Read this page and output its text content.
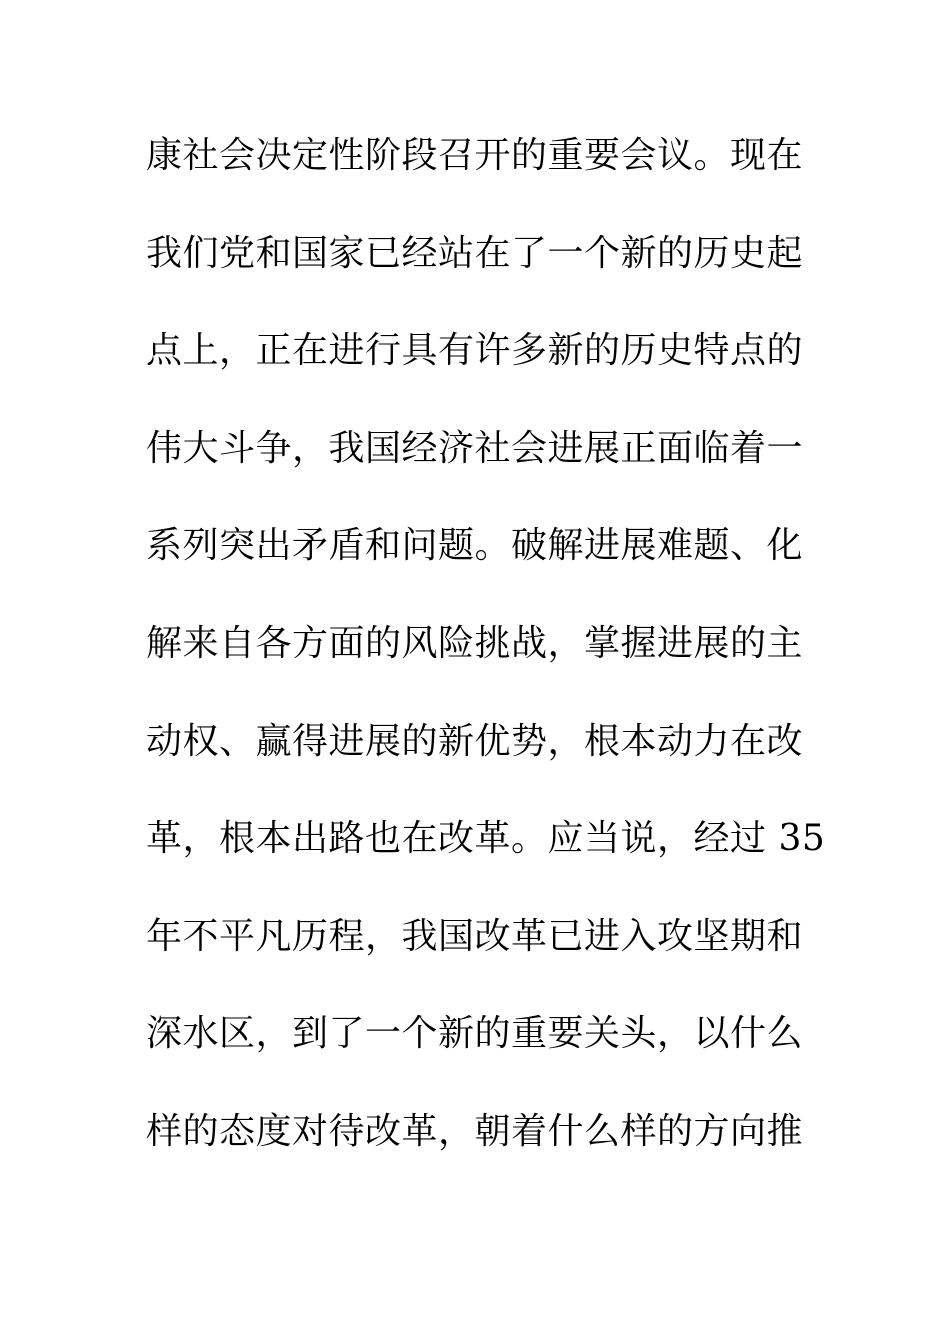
康社会决定性阶段召开的重要会议。现在
我们党和国家已经站在了一个新的历史起
点上，正在进行具有许多新的历史特点的
伟大斗争，我国经济社会进展正面临着一
系列突出矛盾和问题。破解进展难题、化
解来自各方面的风险挑战，掌握进展的主
动权、赢得进展的新优势，根本动力在改
革，根本出路也在改革。应当说，经过 35
年不平凡历程，我国改革已进入攻坚期和
深水区，到了一个新的重要关头，以什么
样的态度对待改革，朝着什么样的方向推
